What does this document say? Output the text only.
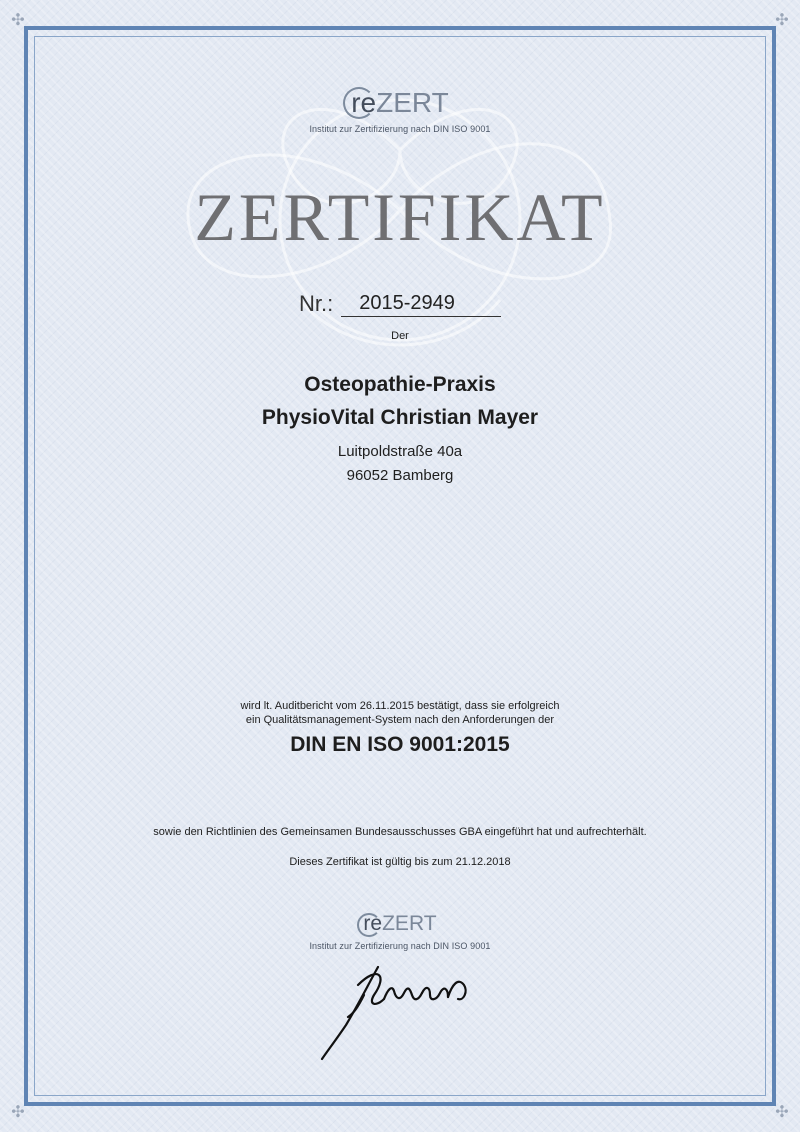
✣	✣
✣	✣
re ZERT
Institut zur Zertifizierung nach DIN ISO 9001
ZERTIFIKAT
Nr.:	2015-2949
Der
Osteopathie-Praxis
PhysioVital Christian Mayer
Luitpoldstraße 40a
96052 Bamberg
wird lt. Auditbericht vom 26.11.2015 bestätigt, dass sie erfolgreich
ein Qualitätsmanagement-System nach den Anforderungen der
DIN EN ISO 9001:2015
sowie den Richtlinien des Gemeinsamen Bundesausschusses GBA eingeführt hat und aufrechterhält.
Dieses Zertifikat ist gültig bis zum 21.12.2018
re ZERT
Institut zur Zertifizierung nach DIN ISO 9001
